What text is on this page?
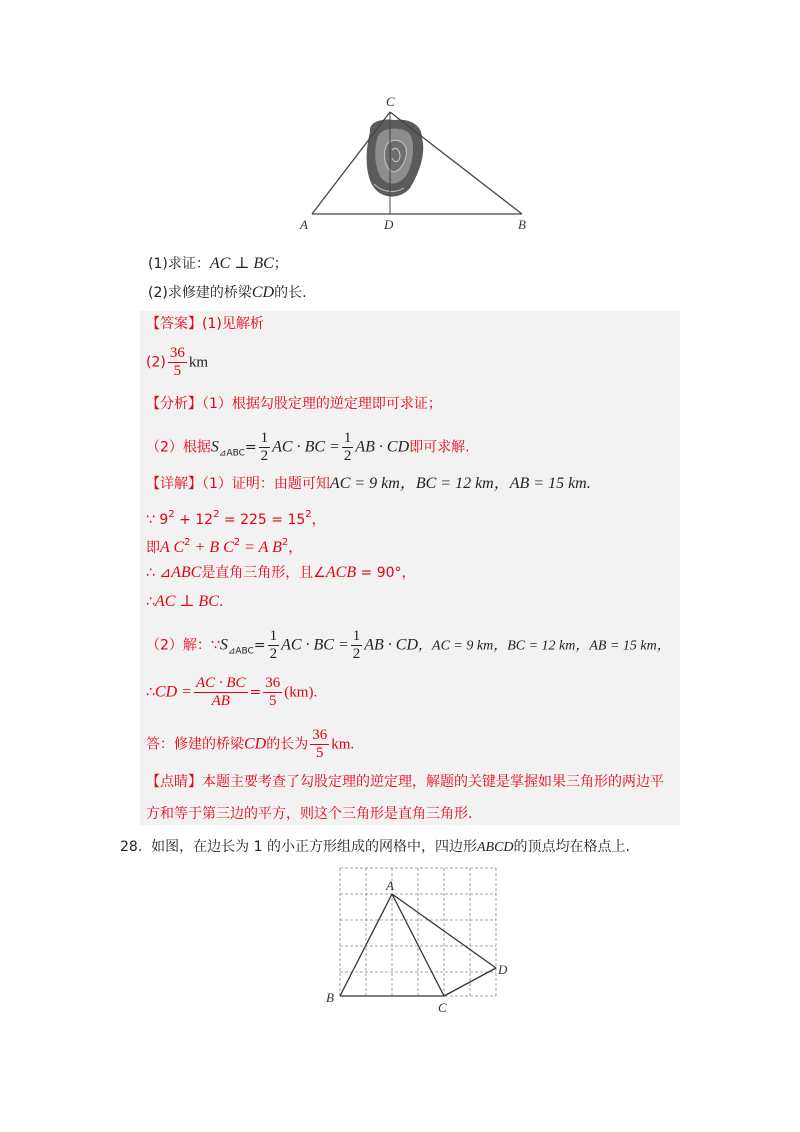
C
A	D	B
(1)求证：AC ⊥ BC；
(2)求修建的桥梁CD的长.
【答案】(1)见解析
$(2) \frac{36}{5}$ km
【分析】（1）根据勾股定理的逆定理即可求证；
（2）根据$S_{⊿ABC}= \frac{1}{2}$ AC · BC = $\frac{1}{2}$ AB · CD即可求解.
【详解】（1）证明：由题可知AC = 9 km，BC = 12 km，AB = 15 km.
∵ $9^2 + 12^2 = 225 = 15^2$，
即A $C^2 + B$ $C^2 = A$ $B^2$，
∴ ⊿ABC是直角三角形，且∠ACB = 90°，
∴AC ⊥ BC.
（2）解：$\because S_{⊿ABC}= \frac{1}{2}$ AC · BC = $\frac{1}{2}$ AB · CD，AC = 9 km，BC = 12 km，AB = 15 km，
∴CD = $\frac{AC \cdot BC}{AB} = \frac{36}{5} (km)$.
答：修建的桥梁CD的长为 $\frac{36}{5}$ km.
【点睛】本题主要考查了勾股定理的逆定理，解题的关键是掌握如果三角形的两边平
方和等于第三边的平方，则这个三角形是直角三角形.
28. 如图，在边长为 1 的小正方形组成的网格中，四边形ABCD的顶点均在格点上.
A
B
C
D
